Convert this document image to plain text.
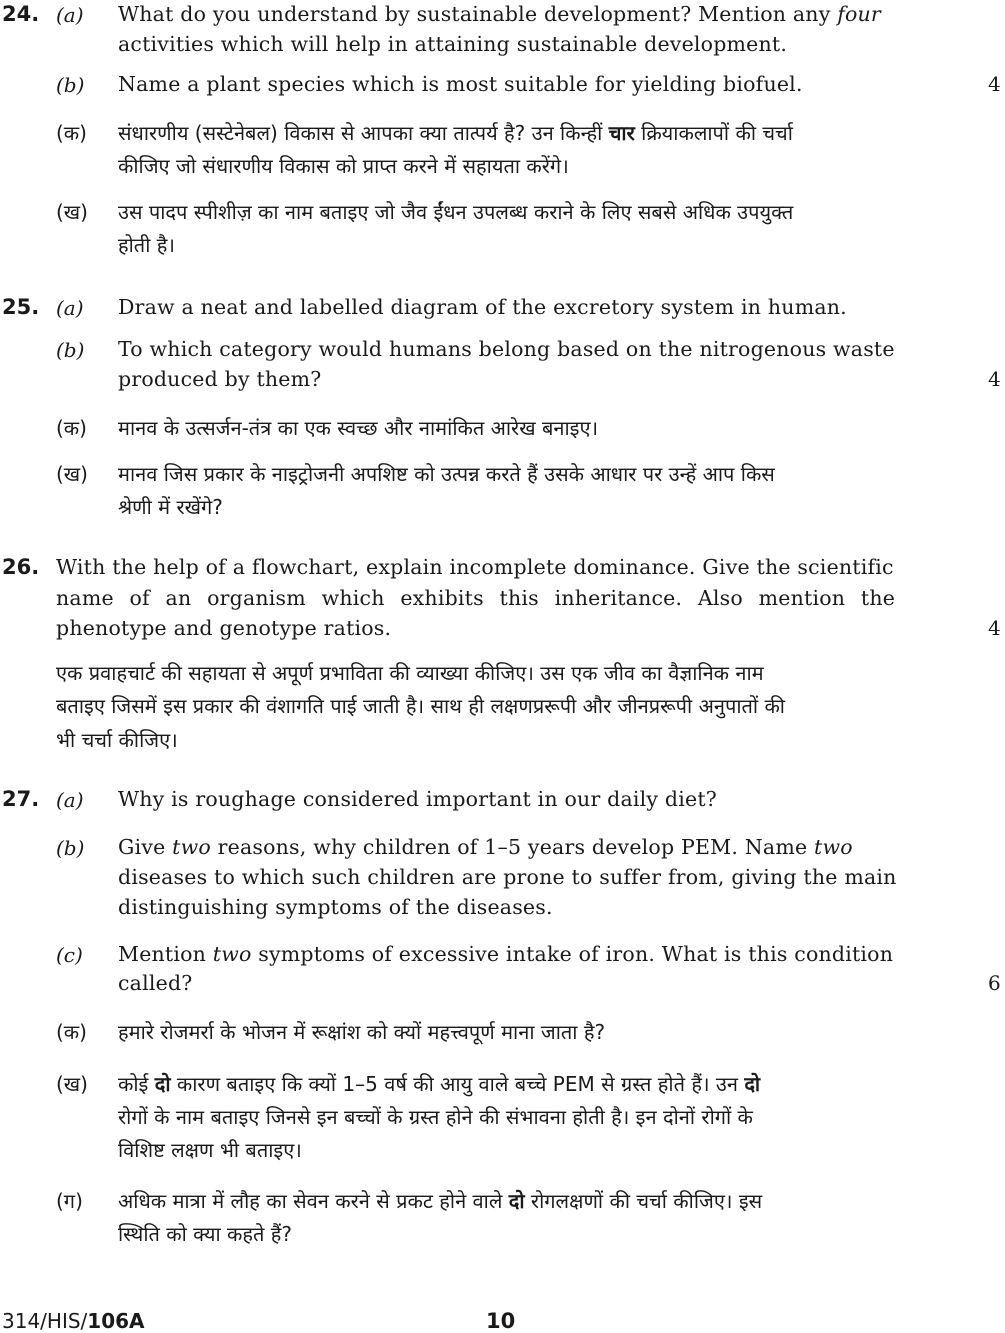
24. (a) What do you understand by sustainable development? Mention any four
activities which will help in attaining sustainable development.
(b) Name a plant species which is most suitable for yielding biofuel.	4
(क) संधारणीय (सस्टेनेबल) विकास से आपका क्या तात्पर्य है? उन किन्हीं चार क्रियाकलापों की चर्चा
कीजिए जो संधारणीय विकास को प्राप्त करने में सहायता करेंगे।
(ख) उस पादप स्पीशीज़ का नाम बताइए जो जैव ईंधन उपलब्ध कराने के लिए सबसे अधिक उपयुक्त
होती है।
25. (a) Draw a neat and labelled diagram of the excretory system in human.
(b) To which category would humans belong based on the nitrogenous waste
produced by them?	4
(क) मानव के उत्सर्जन-तंत्र का एक स्वच्छ और नामांकित आरेख बनाइए।
(ख) मानव जिस प्रकार के नाइट्रोजनी अपशिष्ट को उत्पन्न करते हैं उसके आधार पर उन्हें आप किस
श्रेणी में रखेंगे?
26. With the help of a flowchart, explain incomplete dominance. Give the scientific
name of an organism which exhibits this inheritance. Also mention the
phenotype and genotype ratios.	4
एक प्रवाहचार्ट की सहायता से अपूर्ण प्रभाविता की व्याख्या कीजिए। उस एक जीव का वैज्ञानिक नाम
बताइए जिसमें इस प्रकार की वंशागति पाई जाती है। साथ ही लक्षणप्ररूपी और जीनप्ररूपी अनुपातों की
भी चर्चा कीजिए।
27. (a) Why is roughage considered important in our daily diet?
(b) Give two reasons, why children of 1–5 years develop PEM. Name two
diseases to which such children are prone to suffer from, giving the main
distinguishing symptoms of the diseases.
(c) Mention two symptoms of excessive intake of iron. What is this condition
called?	6
(क) हमारे रोजमर्रा के भोजन में रूक्षांश को क्यों महत्त्वपूर्ण माना जाता है?
(ख) कोई दो कारण बताइए कि क्यों 1–5 वर्ष की आयु वाले बच्चे PEM से ग्रस्त होते हैं। उन दो
रोगों के नाम बताइए जिनसे इन बच्चों के ग्रस्त होने की संभावना होती है। इन दोनों रोगों के
विशिष्ट लक्षण भी बताइए।
(ग) अधिक मात्रा में लौह का सेवन करने से प्रकट होने वाले दो रोगलक्षणों की चर्चा कीजिए। इस
स्थिति को क्या कहते हैं?
314/HIS/106A	10
